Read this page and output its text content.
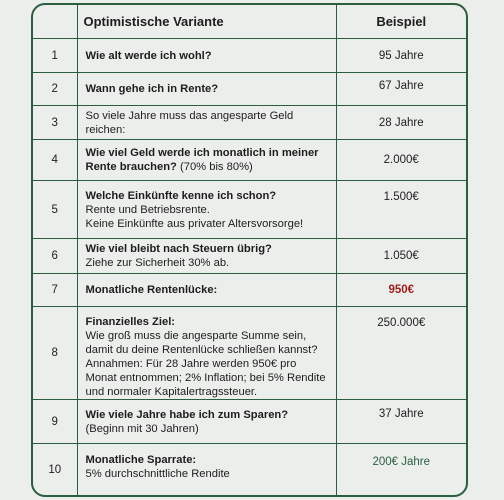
	Optimistische Variante	Beispiel
1	Wie alt werde ich wohl?	95 Jahre
2	Wann gehe ich in Rente?	67 Jahre
3	So viele Jahre muss das angesparte Geld reichen:	28 Jahre
4	Wie viel Geld werde ich monatlich in meiner Rente brauchen? (70% bis 80%)	2.000€
5	Welche Einkünfte kenne ich schon?
Rente und Betriebsrente.
Keine Einkünfte aus privater Altersvorsorge!	1.500€
6	Wie viel bleibt nach Steuern übrig?
Ziehe zur Sicherheit 30% ab.	1.050€
7	Monatliche Rentenlücke:	950€
8	Finanzielles Ziel:
Wie groß muss die angesparte Summe sein, damit du deine Rentenlücke schließen kannst? Annahmen: Für 28 Jahre werden 950€ pro Monat entnommen; 2% Inflation; bei 5% Rendite und normaler Kapitalertragssteuer.	250.000€
9	Wie viele Jahre habe ich zum Sparen? (Beginn mit 30 Jahren)	37 Jahre
10	Monatliche Sparrate:
5% durchschnittliche Rendite	200€ Jahre
